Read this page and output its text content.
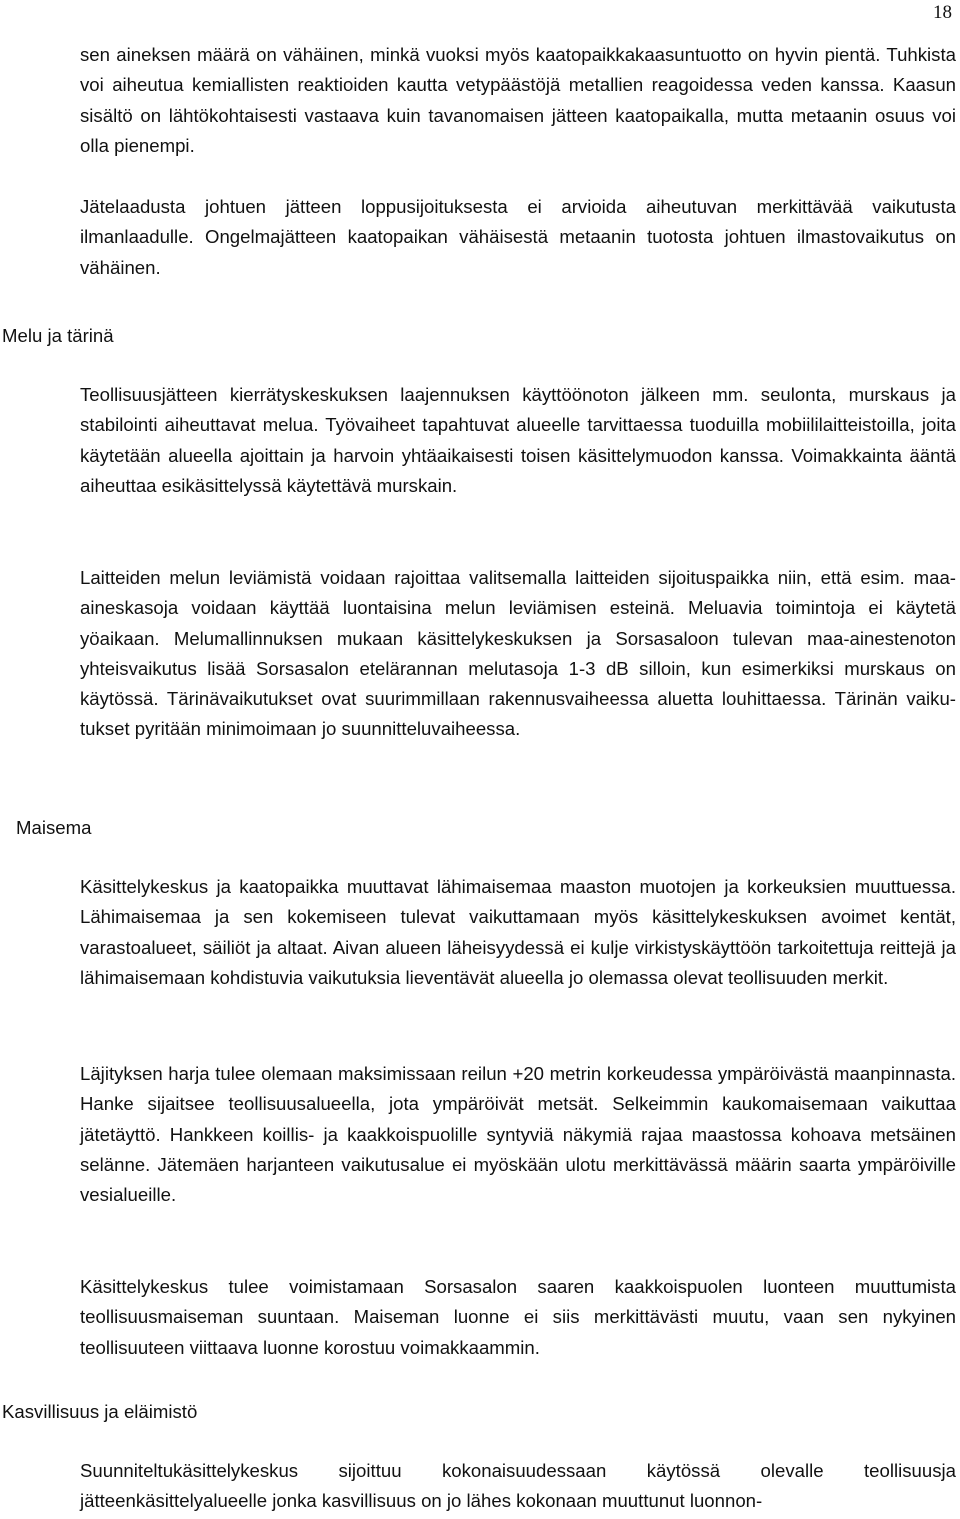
18
sen aineksen määrä on vähäinen, minkä vuoksi myös kaatopaikkakaasuntuotto on hyvin pientä. Tuhkista voi aiheutua kemiallisten reaktioiden kautta vetypäästöjä metallien reagoidessa veden kanssa. Kaasun sisältö on lähtökohtaisesti vastaava kuin tavanomaisen jätteen kaatopaikalla, mutta metaanin osuus voi olla pienempi.
Jätelaadusta johtuen jätteen loppusijoituksesta ei arvioida aiheutuvan merkittävää vaikutusta ilmanlaadulle. Ongelmajätteen kaatopaikan vähäisestä metaanin tuotosta johtuen ilmastovaikutus on vähäinen.
Melu ja tärinä
Teollisuusjätteen kierrätyskeskuksen laajennuksen käyttöönoton jälkeen mm. seulonta, murskaus ja stabilointi aiheuttavat melua. Työvaiheet tapahtuvat alueelle tarvittaessa tuoduilla mobiililaitteistoilla, joita käytetään alueella ajoittain ja harvoin yhtäaikaisesti toisen käsittelymuodon kanssa. Voimakkainta ääntä aiheuttaa esikäsittelyssä käytettävä murskain.
Laitteiden melun leviämistä voidaan rajoittaa valitsemalla laitteiden sijoituspaikka niin, että esim. maa-aineskasoja voidaan käyttää luontaisina melun leviämisen esteinä. Meluavia toimintoja ei käytetä yöaikaan. Melumallinnuksen mukaan käsittelykeskuksen ja Sorsasaloon tulevan maa-ainestenoton yhteisvaikutus lisää Sorsasalon etelärannan melutasoja 1-3 dB silloin, kun esimerkiksi murskaus on käytössä. Tärinävaikutukset ovat suurimmillaan rakennusvaiheessa aluetta louhittaessa. Tärinän vaikutukset pyritään minimoimaan jo suunnitteluvaiheessa.
Maisema
Käsittelykeskus ja kaatopaikka muuttavat lähimaisemaa maaston muotojen ja korkeuksien muuttuessa. Lähimaisemaa ja sen kokemiseen tulevat vaikuttamaan myös käsittelykeskuksen avoimet kentät, varastoalueet, säiliöt ja altaat. Aivan alueen läheisyydessä ei kulje virkistyskäyttöön tarkoitettuja reittejä ja lähimaisemaan kohdistuvia vaikutuksia lieventävät alueella jo olemassa olevat teollisuuden merkit.
Läjityksen harja tulee olemaan maksimissaan reilun +20 metrin korkeudessa ympäröivästä maanpinnasta. Hanke sijaitsee teollisuusalueella, jota ympäröivät metsät. Selkeimmin kaukomaisemaan vaikuttaa jätetäyttö. Hankkeen koillis- ja kaakkoispuolille syntyviä näkymiä rajaa maastossa kohoava metsäinen selänne. Jätemäen harjanteen vaikutusalue ei myöskään ulotu merkittävässä määrin saarta ympäröiville vesialueille.
Käsittelykeskus tulee voimistamaan Sorsasalon saaren kaakkoispuolen luonteen muuttumista teollisuusmaiseman suuntaan. Maiseman luonne ei siis merkittävästi muutu, vaan sen nykyinen teollisuuteen viittaava luonne korostuu voimakkaammin.
Kasvillisuus ja eläimistö
Suunniteltukäsittelykeskus sijoittuu kokonaisuudessaan käytössä olevalle teollisuusja jätteenkäsittelyalueelle jonka kasvillisuus on jo lähes kokonaan muuttunut luonnon-
